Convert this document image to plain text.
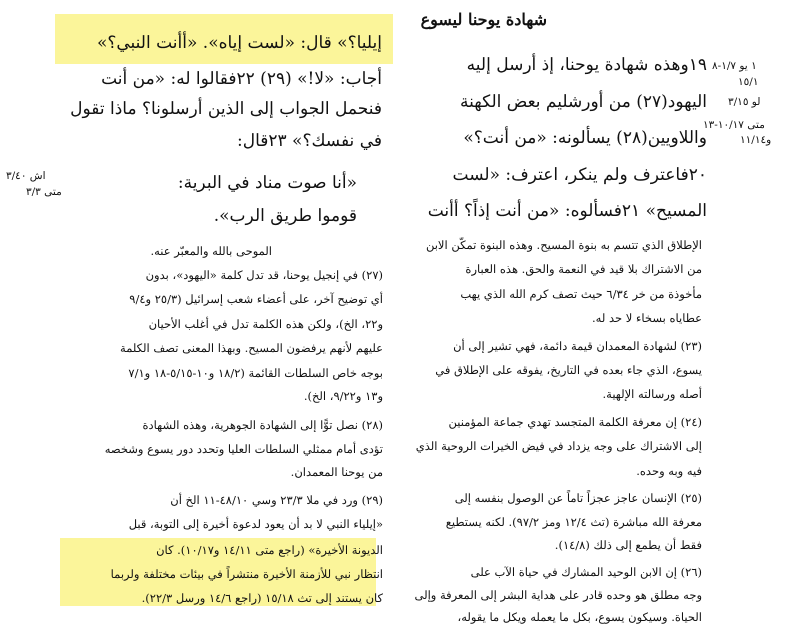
شهادة يوحنا ليسوع
١ يو ١/٧-٨
١٥/١
لو ٣/١٥
متى ١٠/١٧-١٣
و١١/١٤
اش ٣/٤٠
متى ٣/٣
١٩وهذه شهادة يوحنا، إذ أرسل إليه
اليهود(٢٧) من أورشليم بعض الكهنة
واللاويين(٢٨) يسألونه: «من أنت؟»
٢٠فاعترف ولم ينكر، اعترف: «لست
المسيح» ٢١فسألوه: «من أنت إذاً؟ أأنت
إيليا؟» قال: «لست إياه». «أأنت النبي؟»
أجاب: «لا!» (٢٩) ٢٢فقالوا له: «من أنت
فنحمل الجواب إلى الذين أرسلونا؟ ماذا تقول
في نفسك؟» ٢٣قال:
«أنا صوت مناد في البرية:
قوموا طريق الرب».
الموحى بالله والمعبّر عنه.
(٢٧) في إنجيل يوحنا، قد تدل كلمة «اليهود»، بدون
أي توضيح آخر، على أعضاء شعب إسرائيل (٢٥/٣ و٩/٤
و٢٢، الخ)، ولكن هذه الكلمة تدل في أغلب الأحيان
عليهم لأنهم يرفضون المسيح. وبهذا المعنى تصف الكلمة
بوجه خاص السلطات القائمة (١٨/٢ و١٠-٥/١٥-١٨ و٧/١
و١٣ و٩/٢٢، الخ).
(٢٨) نصل توًّا إلى الشهادة الجوهرية، وهذه الشهادة
تؤدى أمام ممثلي السلطات العليا وتحدد دور يسوع وشخصه
من يوحنا المعمدان.
(٢٩) ورد في ملا ٢٣/٣ وسي ٤٨/١٠-١١ الخ أن
«إيلياء النبي لا بد أن يعود لدعوة أخيرة إلى التوبة، قبل
الديونة الأخيرة» (راجع متى ١٤/١١ و١٠/١٧). كان
انتظار نبي للأزمنة الأخيرة منتشراً في بيئات مختلفة ولربما
كان يستند إلى تث ١٥/١٨ (راجع ١٤/٦ ورسل ٢٢/٣).
الإطلاق الذي تتسم به بنوة المسيح. وهذه البنوة تمكّن الابن
من الاشتراك بلا قيد في النعمة والحق. هذه العبارة
مأخوذة من خر ٦/٣٤ حيث تصف كرم الله الذي يهب
عطاياه بسخاء لا حد له.
(٢٣) لشهادة المعمدان قيمة دائمة، فهي تشير إلى أن
يسوع، الذي جاء بعده في التاريخ، يفوقه على الإطلاق في
أصله ورسالته الإلهية.
(٢٤) إن معرفة الكلمة المتجسد تهدي جماعة المؤمنين
إلى الاشتراك على وجه يزداد في فيض الخيرات الروحية الذي
فيه وبه وحده.
(٢٥) الإنسان عاجز عجزاً تاماً عن الوصول بنفسه إلى
معرفة الله مباشرة (تث ١٢/٤ ومز ٩٧/٢). لكنه يستطيع
فقط أن يطمع إلى ذلك (١٤/٨).
(٢٦) إن الابن الوحيد المشارك في حياة الآب على
وجه مطلق هو وحده قادر على هداية البشر إلى المعرفة وإلى
الحياة. وسيكون يسوع، بكل ما يعمله ويكل ما يقوله،
